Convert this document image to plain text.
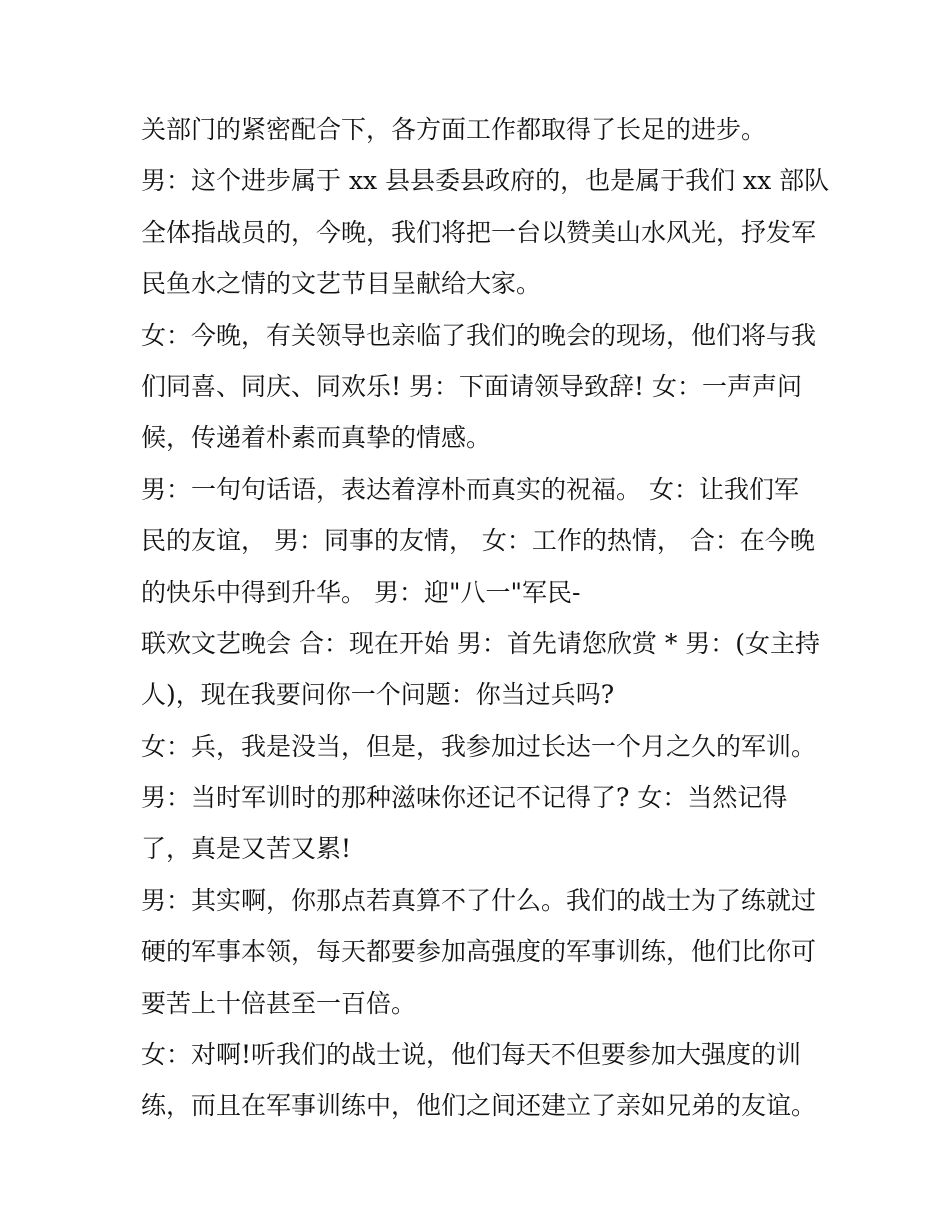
关部门的紧密配合下，各方面工作都取得了长足的进步。
男：这个进步属于 xx 县县委县政府的，也是属于我们 xx 部队
全体指战员的，今晚，我们将把一台以赞美山水风光，抒发军
民鱼水之情的文艺节目呈献给大家。
女：今晚，有关领导也亲临了我们的晚会的现场，他们将与我
们同喜、同庆、同欢乐! 男：下面请领导致辞! 女：一声声问
候，传递着朴素而真挚的情感。
男：一句句话语，表达着淳朴而真实的祝福。 女：让我们军
民的友谊， 男：同事的友情， 女：工作的热情， 合：在今晚
的快乐中得到升华。 男：迎"八一"军民-
联欢文艺晚会 合：现在开始 男：首先请您欣赏 * 男：(女主持
人)，现在我要问你一个问题：你当过兵吗?
女：兵，我是没当，但是，我参加过长达一个月之久的军训。
男：当时军训时的那种滋味你还记不记得了? 女：当然记得
了，真是又苦又累!
男：其实啊，你那点若真算不了什么。我们的战士为了练就过
硬的军事本领，每天都要参加高强度的军事训练，他们比你可
要苦上十倍甚至一百倍。
女：对啊!听我们的战士说，他们每天不但要参加大强度的训
练，而且在军事训练中，他们之间还建立了亲如兄弟的友谊。
